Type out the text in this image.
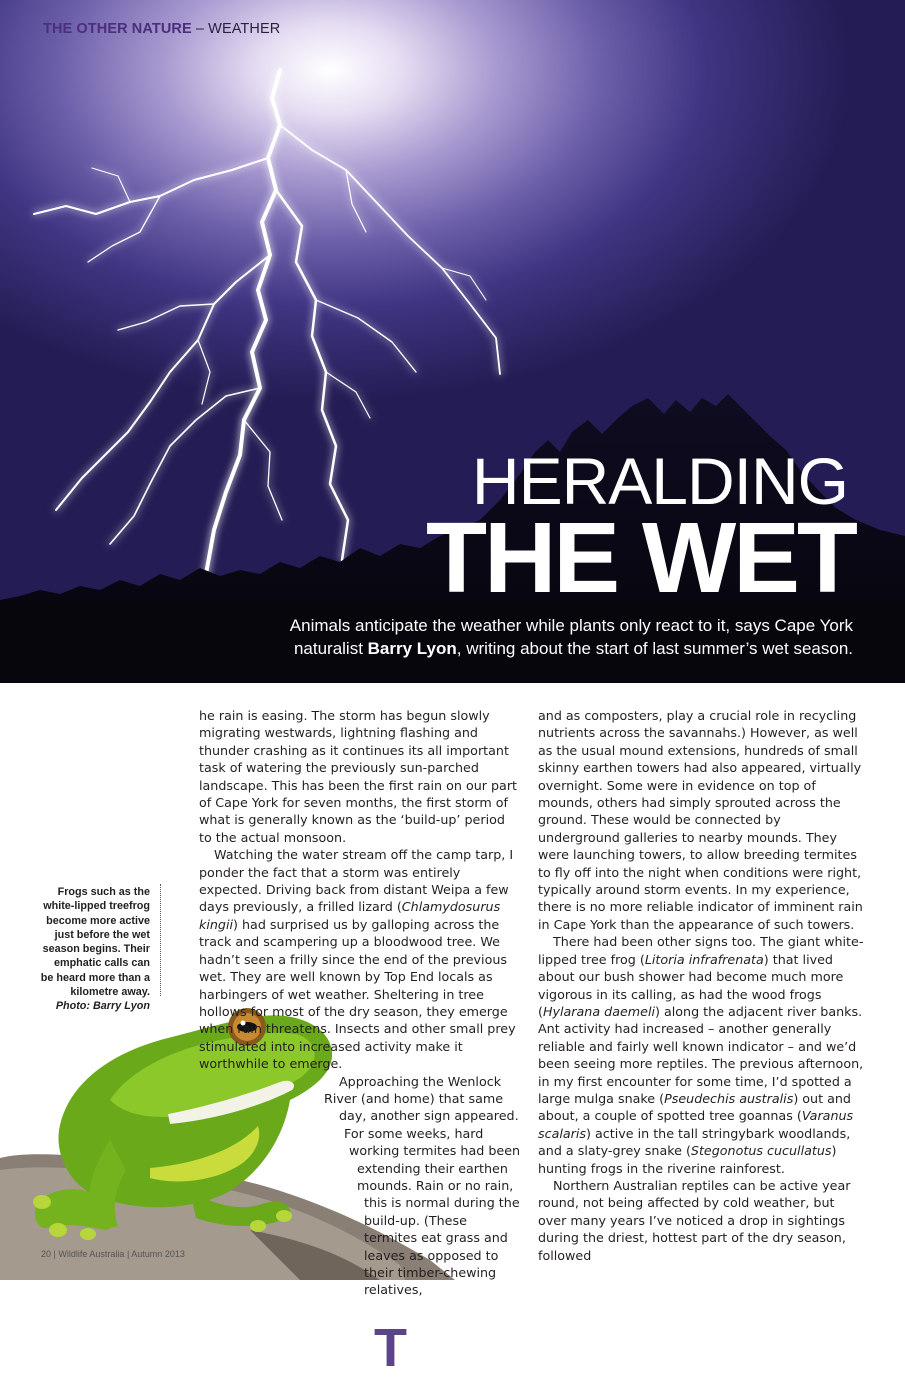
THE OTHER NATURE – WEATHER
HERALDING
THE WET
Animals anticipate the weather while plants only react to it, says Cape York naturalist Barry Lyon, writing about the start of last summer’s wet season.
Frogs such as the white-lipped treefrog become more active just before the wet season begins. Their emphatic calls can be heard more than a kilometre away. Photo: Barry Lyon
T

he rain is easing. The storm has begun slowly migrating westwards, lightning flashing and thunder crashing as it continues its all important task of watering the previously sun-parched landscape. This has been the first rain on our part of Cape York for seven months, the first storm of what is generally known as the ‘build-up’ period to the actual monsoon.

Watching the water stream off the camp tarp, I ponder the fact that a storm was entirely expected. Driving back from distant Weipa a few days previously, a frilled lizard (Chlamydosurus kingii) had surprised us by galloping across the track and scampering up a bloodwood tree. We hadn’t seen a frilly since the end of the previous wet. They are well known by Top End locals as harbingers of wet weather. Sheltering in tree hollows for most of the dry season, they emerge when rain threatens. Insects and other small prey stimulated into increased activity make it worthwhile to emerge.

Approaching the Wenlock River (and home) that same day, another sign appeared. For some weeks, hard working termites had been extending their earthen mounds. Rain or no rain, this is normal during the build-up. (These termites eat grass and leaves as opposed to their timber-chewing relatives,

and as composters, play a crucial role in recycling nutrients across the savannahs.) However, as well as the usual mound extensions, hundreds of small skinny earthen towers had also appeared, virtually overnight. Some were in evidence on top of mounds, others had simply sprouted across the ground. These would be connected by underground galleries to nearby mounds. They were launching towers, to allow breeding termites to fly off into the night when conditions were right, typically around storm events. In my experience, there is no more reliable indicator of imminent rain in Cape York than the appearance of such towers.

There had been other signs too. The giant white-lipped tree frog (Litoria infrafrenata) that lived about our bush shower had become much more vigorous in its calling, as had the wood frogs (Hylarana daemeli) along the adjacent river banks. Ant activity had increased – another generally reliable and fairly well known indicator – and we’d been seeing more reptiles. The previous afternoon, in my first encounter for some time, I’d spotted a large mulga snake (Pseudechis australis) out and about, a couple of spotted tree goannas (Varanus scalaris) active in the tall stringybark woodlands, and a slaty-grey snake (Stegonotus cucullatus) hunting frogs in the riverine rainforest.

Northern Australian reptiles can be active year round, not being affected by cold weather, but over many years I’ve noticed a drop in sightings during the driest, hottest part of the dry season, followed

20 | Wildlife Australia | Autumn 2013
